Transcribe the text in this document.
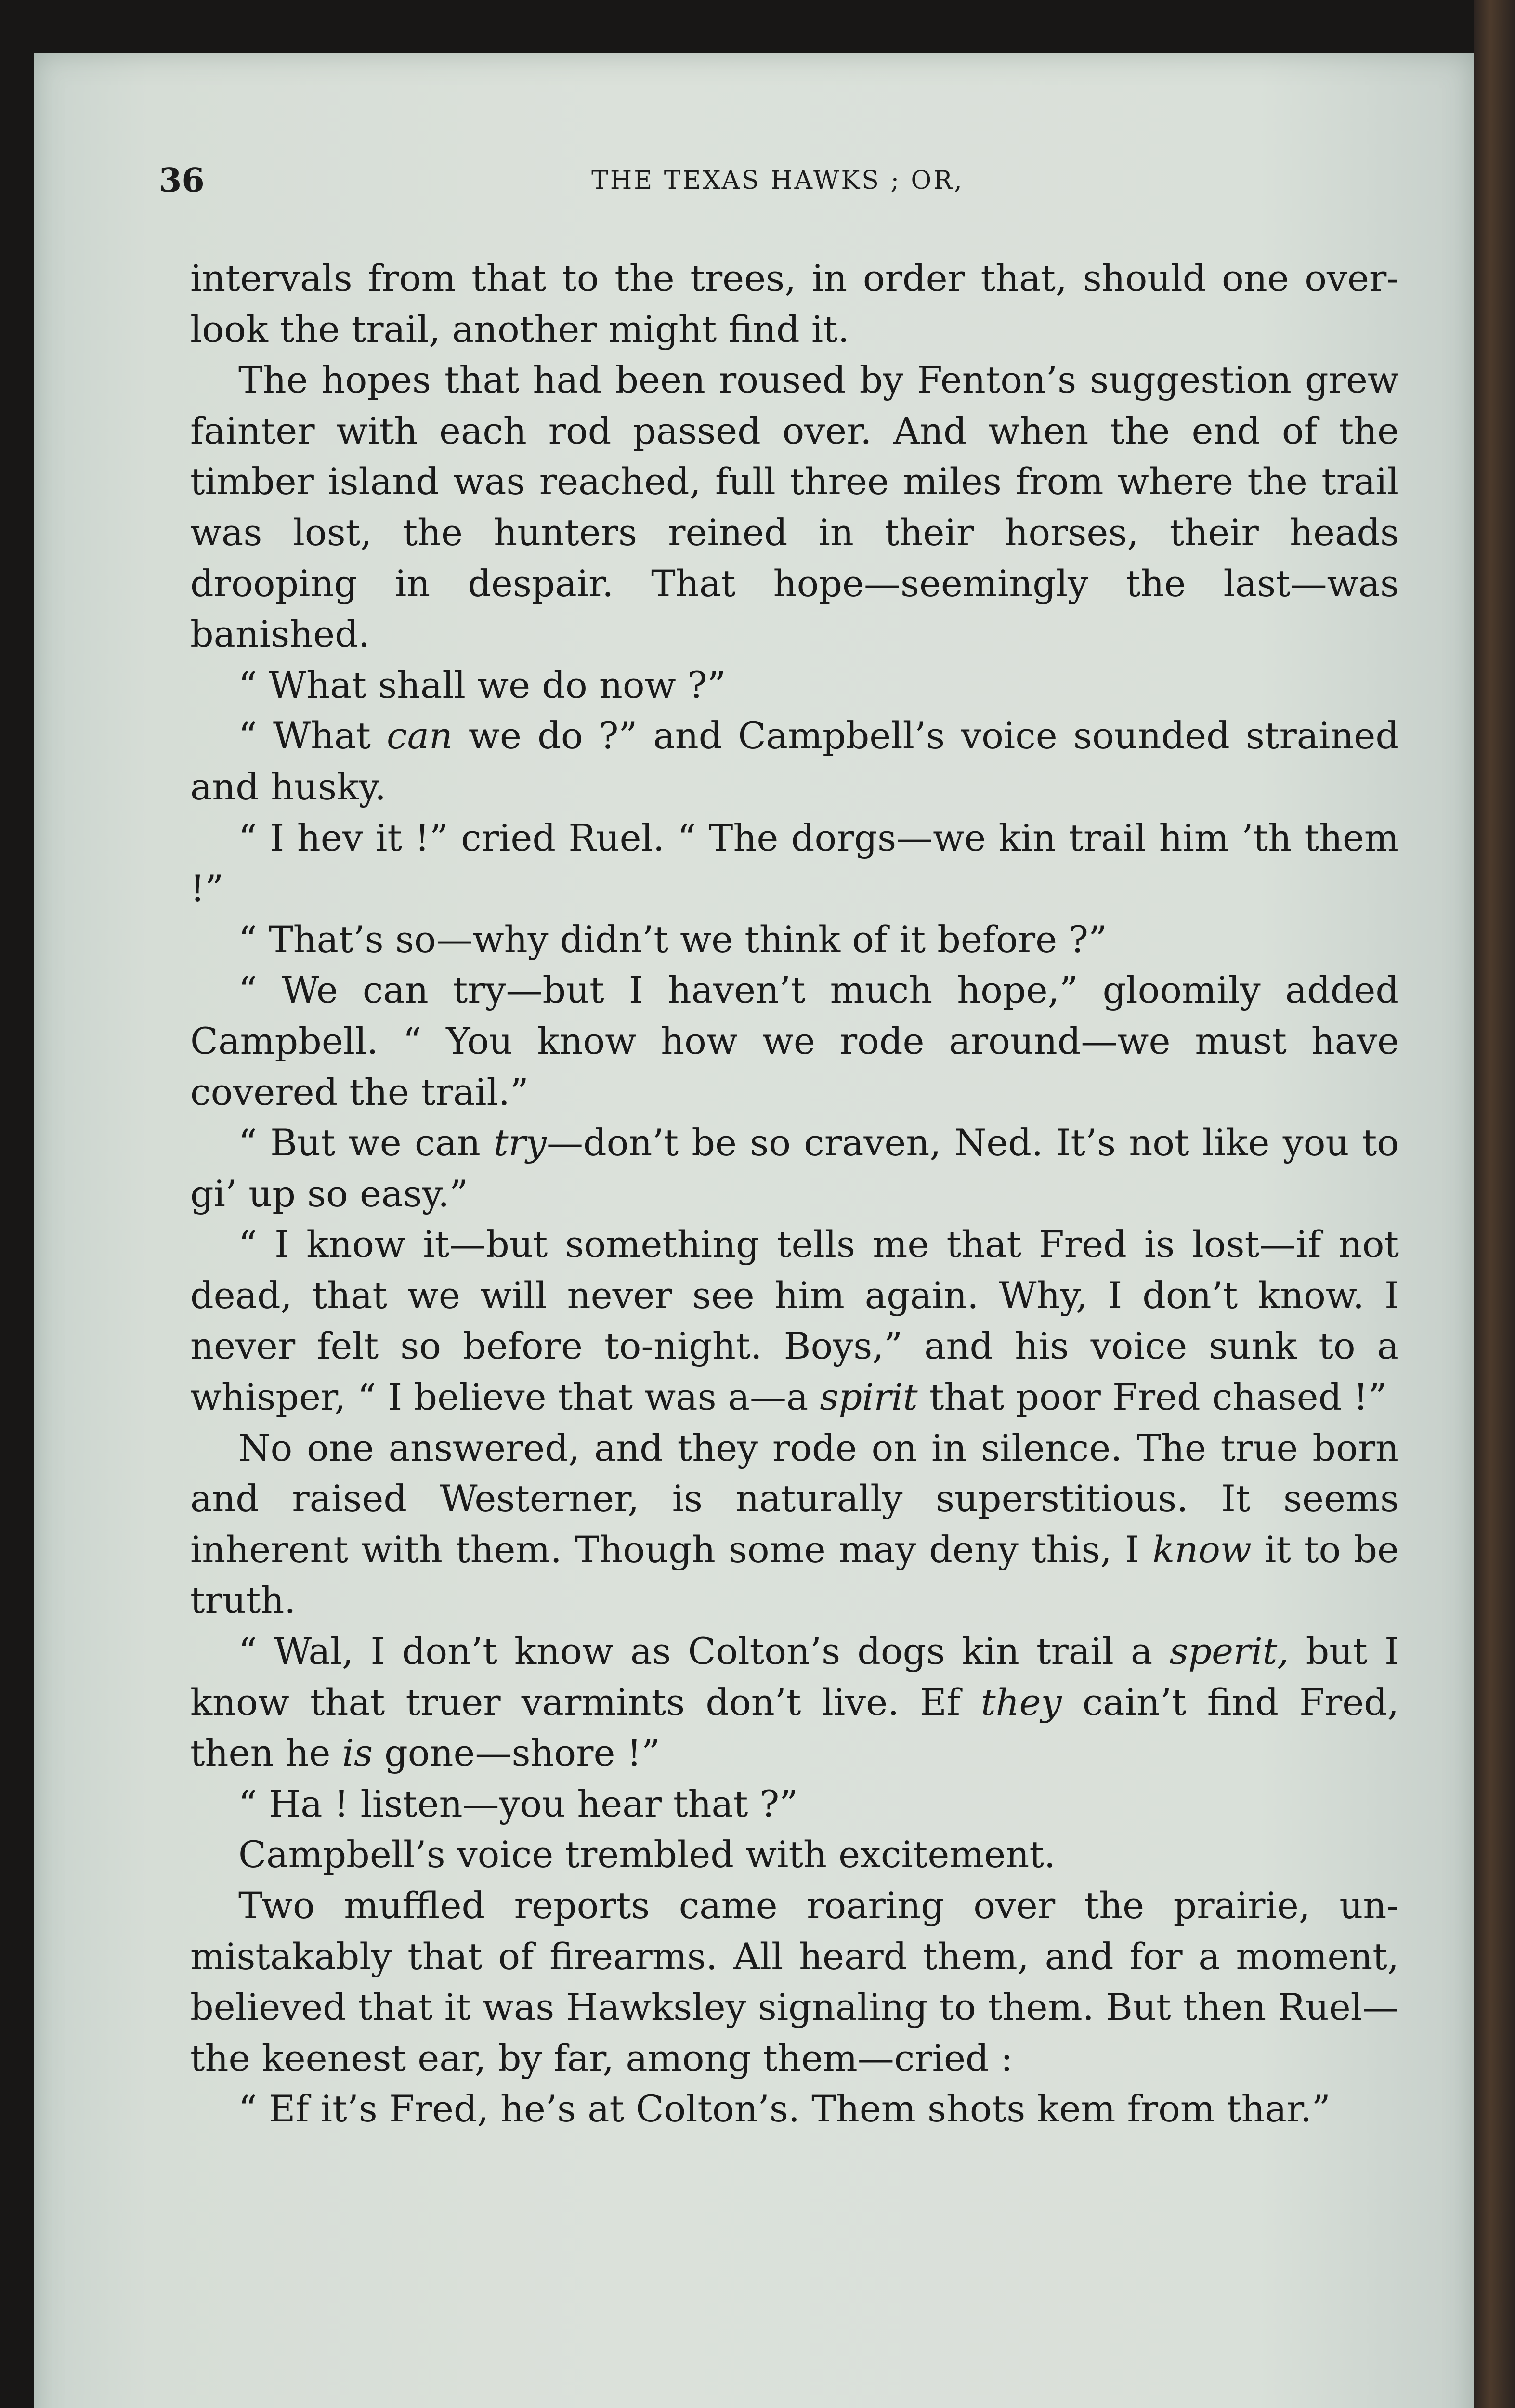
36	THE TEXAS HAWKS ; OR,

intervals from that to the trees, in order that, should one overlook the trail, another might find it.

The hopes that had been roused by Fenton’s suggestion grew fainter with each rod passed over. And when the end of the timber island was reached, full three miles from where the trail was lost, the hunters reined in their horses, their heads drooping in despair. That hope—seemingly the last—was banished.

“ What shall we do now ?”

“ What can we do ?” and Campbell’s voice sounded strained and husky.

“ I hev it !” cried Ruel. “ The dorgs—we kin trail him ’th them !”

“ That’s so—why didn’t we think of it before ?”

“ We can try—but I haven’t much hope,” gloomily added Campbell. “ You know how we rode around—we must have covered the trail.”

“ But we can try—don’t be so craven, Ned. It’s not like you to gi’ up so easy.”

“ I know it—but something tells me that Fred is lost—if not dead, that we will never see him again. Why, I don’t know. I never felt so before to-night. Boys,” and his voice sunk to a whisper, “ I believe that was a—a spirit that poor Fred chased !”

No one answered, and they rode on in silence. The true born and raised Westerner, is naturally superstitious. It seems inherent with them. Though some may deny this, I know it to be truth.

“ Wal, I don’t know as Colton’s dogs kin trail a sperit, but I know that truer varmints don’t live. Ef they cain’t find Fred, then he is gone—shore !”

“ Ha ! listen—you hear that ?”

Campbell’s voice trembled with excitement.

Two muffled reports came roaring over the prairie, unmistakably that of firearms. All heard them, and for a moment, believed that it was Hawksley signaling to them. But then Ruel—the keenest ear, by far, among them—cried :

“ Ef it’s Fred, he’s at Colton’s. Them shots kem from thar.”
